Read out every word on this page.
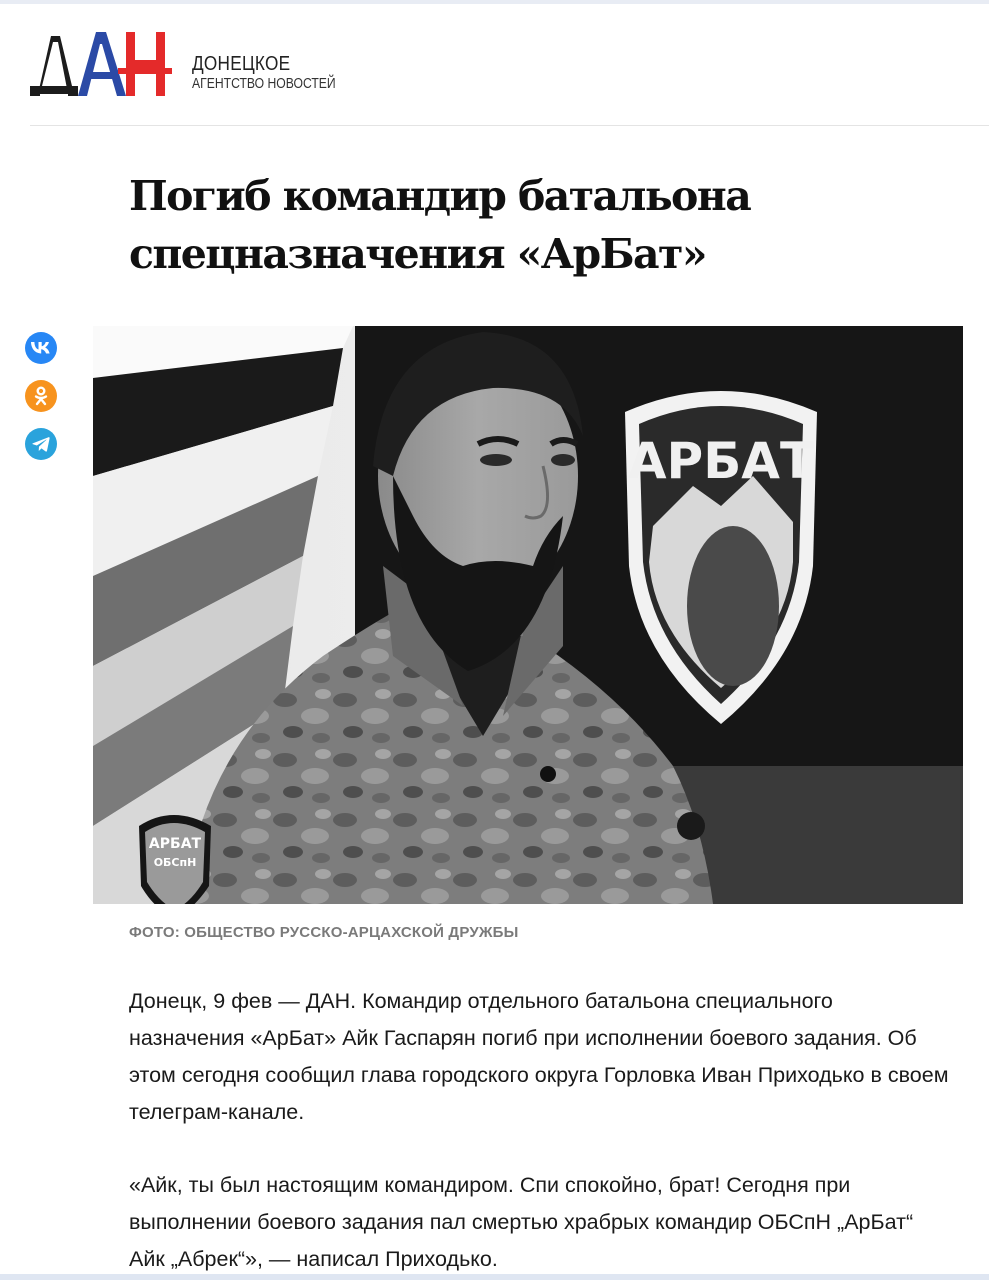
ДОНЕЦКОЕ
АГЕНТСТВО НОВОСТЕЙ
Погиб командир батальона спецназначения «АрБат»
АРБАТ
АРБАТ
ОБСпН
ФОТО: ОБЩЕСТВО РУССКО-АРЦАХСКОЙ ДРУЖБЫ

Донецк, 9 фев — ДАН. Командир отдельного батальона специального назначения «АрБат» Айк Гаспарян погиб при исполнении боевого задания. Об этом сегодня сообщил глава городского округа Горловка Иван Приходько в своем телеграм-канале.

«Айк, ты был настоящим командиром. Спи спокойно, брат! Сегодня при выполнении боевого задания пал смертью храбрых командир ОБСпН „АрБат“ Айк „Абрек“», — написал Приходько.
